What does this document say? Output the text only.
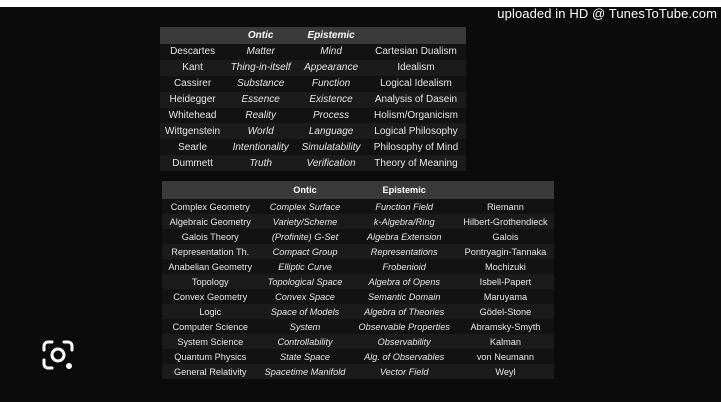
uploaded in HD @ TunesToTube.com
	Ontic	Epistemic	
Descartes	Matter	Mind	Cartesian Dualism
Kant	Thing-in-itself	Appearance	Idealism
Cassirer	Substance	Function	Logical Idealism
Heidegger	Essence	Existence	Analysis of Dasein
Whitehead	Reality	Process	Holism/Organicism
Wittgenstein	World	Language	Logical Philosophy
Searle	Intentionality	Simulatability	Philosophy of Mind
Dummett	Truth	Verification	Theory of Meaning
	Ontic	Epistemic	
Complex Geometry	Complex Surface	Function Field	Riemann
Algebraic Geometry	Variety/Scheme	k-Algebra/Ring	Hilbert-Grothendieck
Galois Theory	(Profinite) G-Set	Algebra Extension	Galois
Representation Th.	Compact Group	Representations	Pontryagin-Tannaka
Anabelian Geometry	Elliptic Curve	Frobenioid	Mochizuki
Topology	Topological Space	Algebra of Opens	Isbell-Papert
Convex Geometry	Convex Space	Semantic Domain	Maruyama
Logic	Space of Models	Algebra of Theories	Gödel-Stone
Computer Science	System	Observable Properties	Abramsky-Smyth
System Science	Controllability	Observability	Kalman
Quantum Physics	State Space	Alg. of Observables	von Neumann
General Relativity	Spacetime Manifold	Vector Field	Weyl
